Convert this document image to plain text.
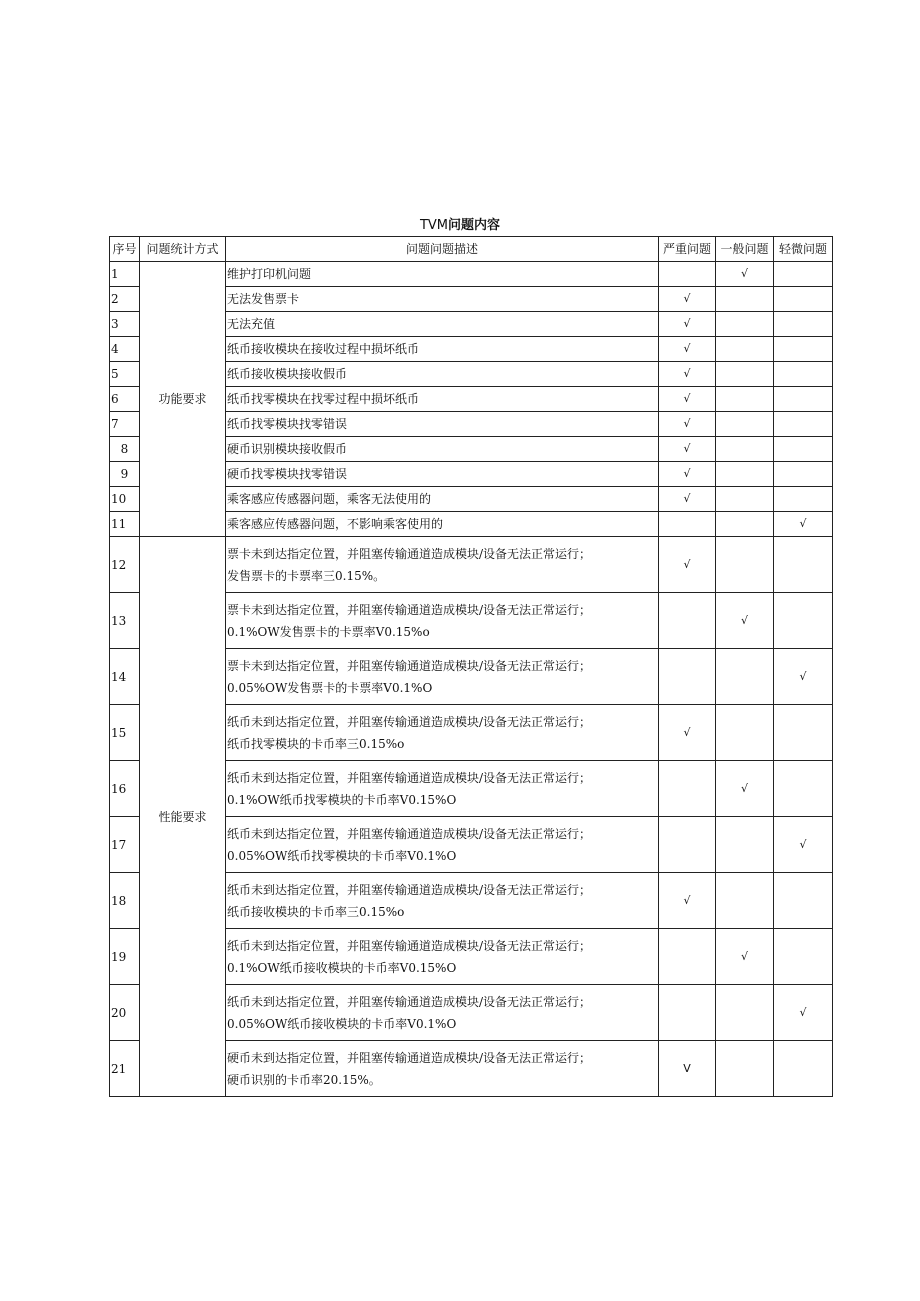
TVM问题内容
序号	问题统计方式	问题问题描述	严重问题	一般问题	轻微问题
1	功能要求	维护打印机问题		√	
2		无法发售票卡	√		
3		无法充值	√		
4		纸币接收模块在接收过程中损坏纸币	√		
5		纸币接收模块接收假币	√		
6		纸币找零模块在找零过程中损坏纸币	√		
7		纸币找零模块找零错误	√		
8		硬币识别模块接收假币	√		
9		硬币找零模块找零错误	√		
10		乘客感应传感器问题，乘客无法使用的	√		
11		乘客感应传感器问题，不影响乘客使用的			√
12	性能要求	票卡未到达指定位置，并阻塞传输通道造成模块/设备无法正常运行；
发售票卡的卡票率三0.15%。	√		
13		票卡未到达指定位置，并阻塞传输通道造成模块/设备无法正常运行；
0.1%OW发售票卡的卡票率V0.15%o		√	
14		票卡未到达指定位置，并阻塞传输通道造成模块/设备无法正常运行；
0.05%OW发售票卡的卡票率V0.1%O			√
15		纸币未到达指定位置，并阻塞传输通道造成模块/设备无法正常运行；
纸币找零模块的卡币率三0.15%o	√		
16		纸币未到达指定位置，并阻塞传输通道造成模块/设备无法正常运行；
0.1%OW纸币找零模块的卡币率V0.15%O		√	
17		纸币未到达指定位置，并阻塞传输通道造成模块/设备无法正常运行；
0.05%OW纸币找零模块的卡币率V0.1%O			√
18		纸币未到达指定位置，并阻塞传输通道造成模块/设备无法正常运行；
纸币接收模块的卡币率三0.15%o	√		
19		纸币未到达指定位置，并阻塞传输通道造成模块/设备无法正常运行；
0.1%OW纸币接收模块的卡币率V0.15%O		√	
20		纸币未到达指定位置，并阻塞传输通道造成模块/设备无法正常运行；
0.05%OW纸币接收模块的卡币率V0.1%O			√
21		硬币未到达指定位置，并阻塞传输通道造成模块/设备无法正常运行；
硬币识别的卡币率20.15%。	V		
